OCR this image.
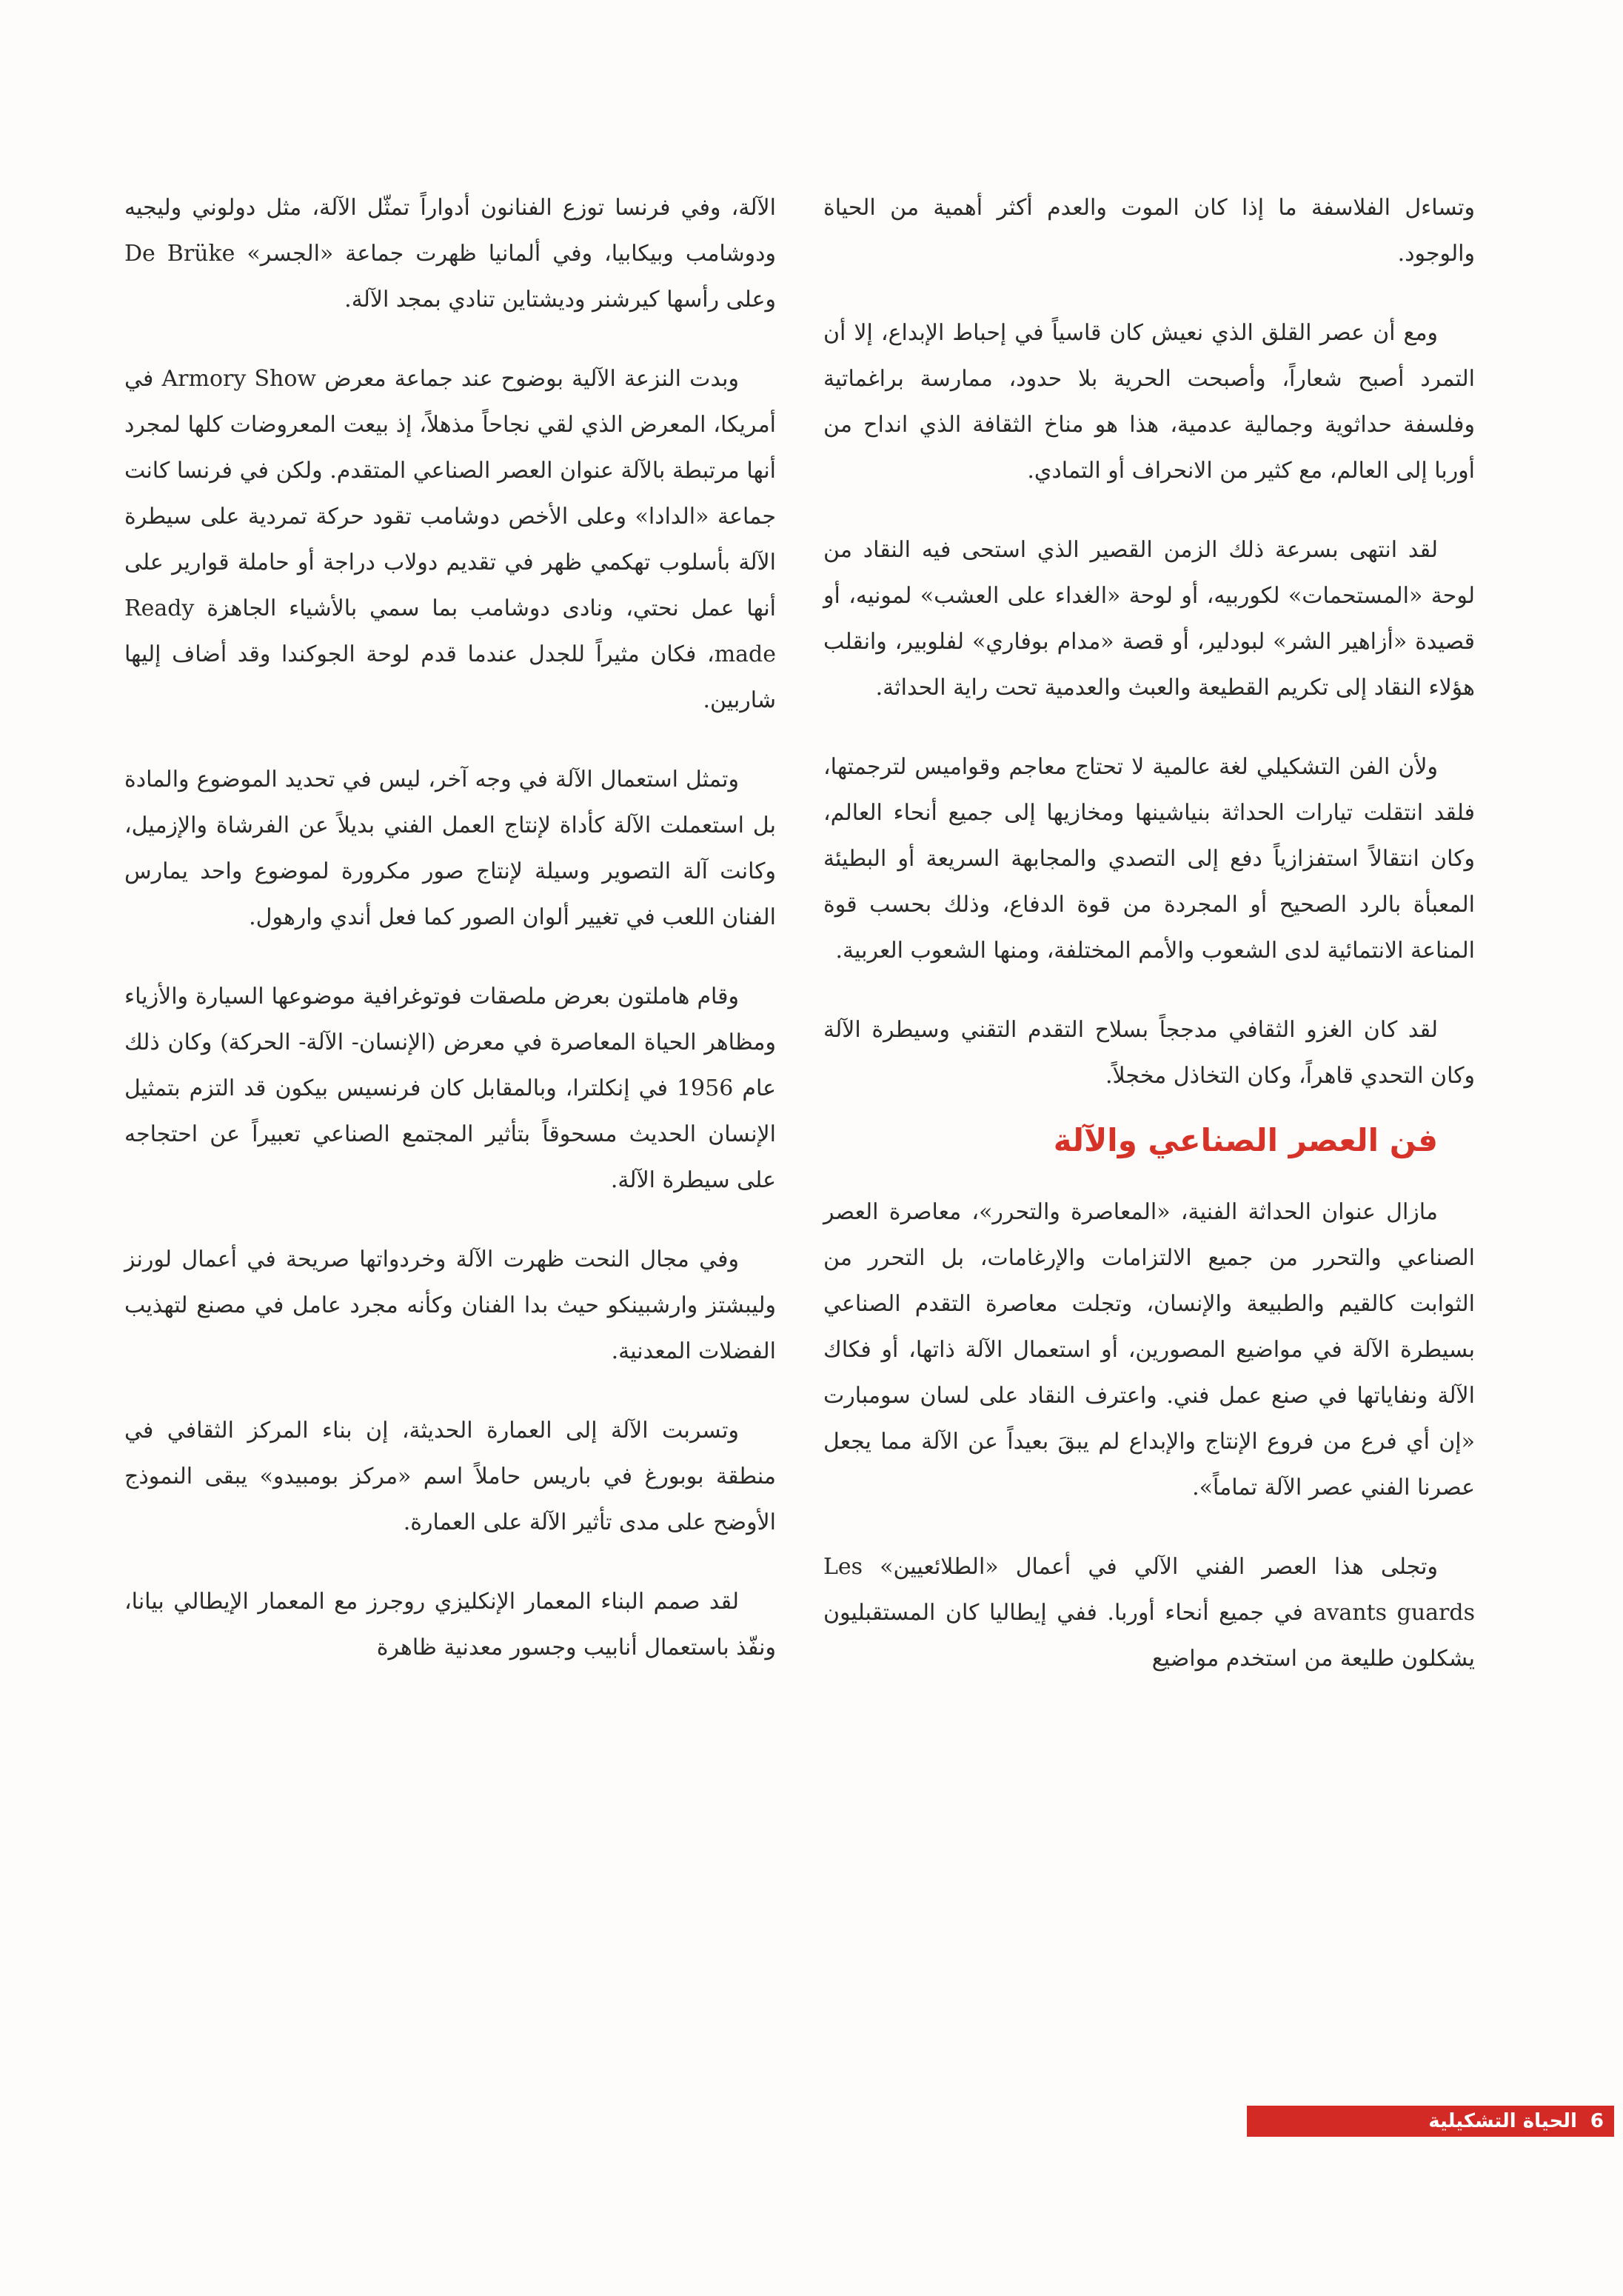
وتساءل الفلاسفة ما إذا كان الموت والعدم أكثر أهمية من الحياة والوجود.

ومع أن عصر القلق الذي نعيش كان قاسياً في إحباط الإبداع، إلا أن التمرد أصبح شعاراً، وأصبحت الحرية بلا حدود، ممارسة براغماتية وفلسفة حداثوية وجمالية عدمية، هذا هو مناخ الثقافة الذي انداح من أوربا إلى العالم، مع كثير من الانحراف أو التمادي.

لقد انتهى بسرعة ذلك الزمن القصير الذي استحى فيه النقاد من لوحة «المستحمات» لكوربيه، أو لوحة «الغداء على العشب» لمونيه، أو قصيدة «أزاهير الشر» لبودلير، أو قصة «مدام بوفاري» لفلوبير، وانقلب هؤلاء النقاد إلى تكريم القطيعة والعبث والعدمية تحت راية الحداثة.

ولأن الفن التشكيلي لغة عالمية لا تحتاج معاجم وقواميس لترجمتها، فلقد انتقلت تيارات الحداثة بنياشينها ومخازيها إلى جميع أنحاء العالم، وكان انتقالاً استفزازياً دفع إلى التصدي والمجابهة السريعة أو البطيئة المعبأة بالرد الصحيح أو المجردة من قوة الدفاع، وذلك بحسب قوة المناعة الانتمائية لدى الشعوب والأمم المختلفة، ومنها الشعوب العربية.

لقد كان الغزو الثقافي مدججاً بسلاح التقدم التقني وسيطرة الآلة وكان التحدي قاهراً، وكان التخاذل مخجلاً.

فن العصر الصناعي والآلة

مازال عنوان الحداثة الفنية، «المعاصرة والتحرر»، معاصرة العصر الصناعي والتحرر من جميع الالتزامات والإرغامات، بل التحرر من الثوابت كالقيم والطبيعة والإنسان، وتجلت معاصرة التقدم الصناعي بسيطرة الآلة في مواضيع المصورين، أو استعمال الآلة ذاتها، أو فكاك الآلة ونفاياتها في صنع عمل فني. واعترف النقاد على لسان سومبارت «إن أي فرع من فروع الإنتاج والإبداع لم يبقَ بعيداً عن الآلة مما يجعل عصرنا الفني عصر الآلة تماماً».

وتجلى هذا العصر الفني الآلي في أعمال «الطلائعيين» Les avants guards في جميع أنحاء أوربا. ففي إيطاليا كان المستقبليون يشكلون طليعة من استخدم مواضيع

الآلة، وفي فرنسا توزع الفنانون أدواراً تمثّل الآلة، مثل دولوني وليجيه ودوشامب وبيكابيا، وفي ألمانيا ظهرت جماعة «الجسر» De Brüke وعلى رأسها كيرشنر وديشتاين تنادي بمجد الآلة.

وبدت النزعة الآلية بوضوح عند جماعة معرض Armory Show في أمريكا، المعرض الذي لقي نجاحاً مذهلاً، إذ بيعت المعروضات كلها لمجرد أنها مرتبطة بالآلة عنوان العصر الصناعي المتقدم. ولكن في فرنسا كانت جماعة «الدادا» وعلى الأخص دوشامب تقود حركة تمردية على سيطرة الآلة بأسلوب تهكمي ظهر في تقديم دولاب دراجة أو حاملة قوارير على أنها عمل نحتي، ونادى دوشامب بما سمي بالأشياء الجاهزة Ready made، فكان مثيراً للجدل عندما قدم لوحة الجوكندا وقد أضاف إليها شاربين.

وتمثل استعمال الآلة في وجه آخر، ليس في تحديد الموضوع والمادة بل استعملت الآلة كأداة لإنتاج العمل الفني بديلاً عن الفرشاة والإزميل، وكانت آلة التصوير وسيلة لإنتاج صور مكرورة لموضوع واحد يمارس الفنان اللعب في تغيير ألوان الصور كما فعل أندي وارهول.

وقام هاملتون بعرض ملصقات فوتوغرافية موضوعها السيارة والأزياء ومظاهر الحياة المعاصرة في معرض (الإنسان- الآلة- الحركة) وكان ذلك عام 1956 في إنكلترا، وبالمقابل كان فرنسيس بيكون قد التزم بتمثيل الإنسان الحديث مسحوقاً بتأثير المجتمع الصناعي تعبيراً عن احتجاجه على سيطرة الآلة.

وفي مجال النحت ظهرت الآلة وخردواتها صريحة في أعمال لورنز وليبشتز وارشبينكو حيث بدا الفنان وكأنه مجرد عامل في مصنع لتهذيب الفضلات المعدنية.

وتسربت الآلة إلى العمارة الحديثة، إن بناء المركز الثقافي في منطقة بوبورغ في باريس حاملاً اسم «مركز بومبيدو» يبقى النموذج الأوضح على مدى تأثير الآلة على العمارة.

لقد صمم البناء المعمار الإنكليزي روجرز مع المعمار الإيطالي بيانا، ونفّذ باستعمال أنابيب وجسور معدنية ظاهرة

6
الحياة التشكيلية
